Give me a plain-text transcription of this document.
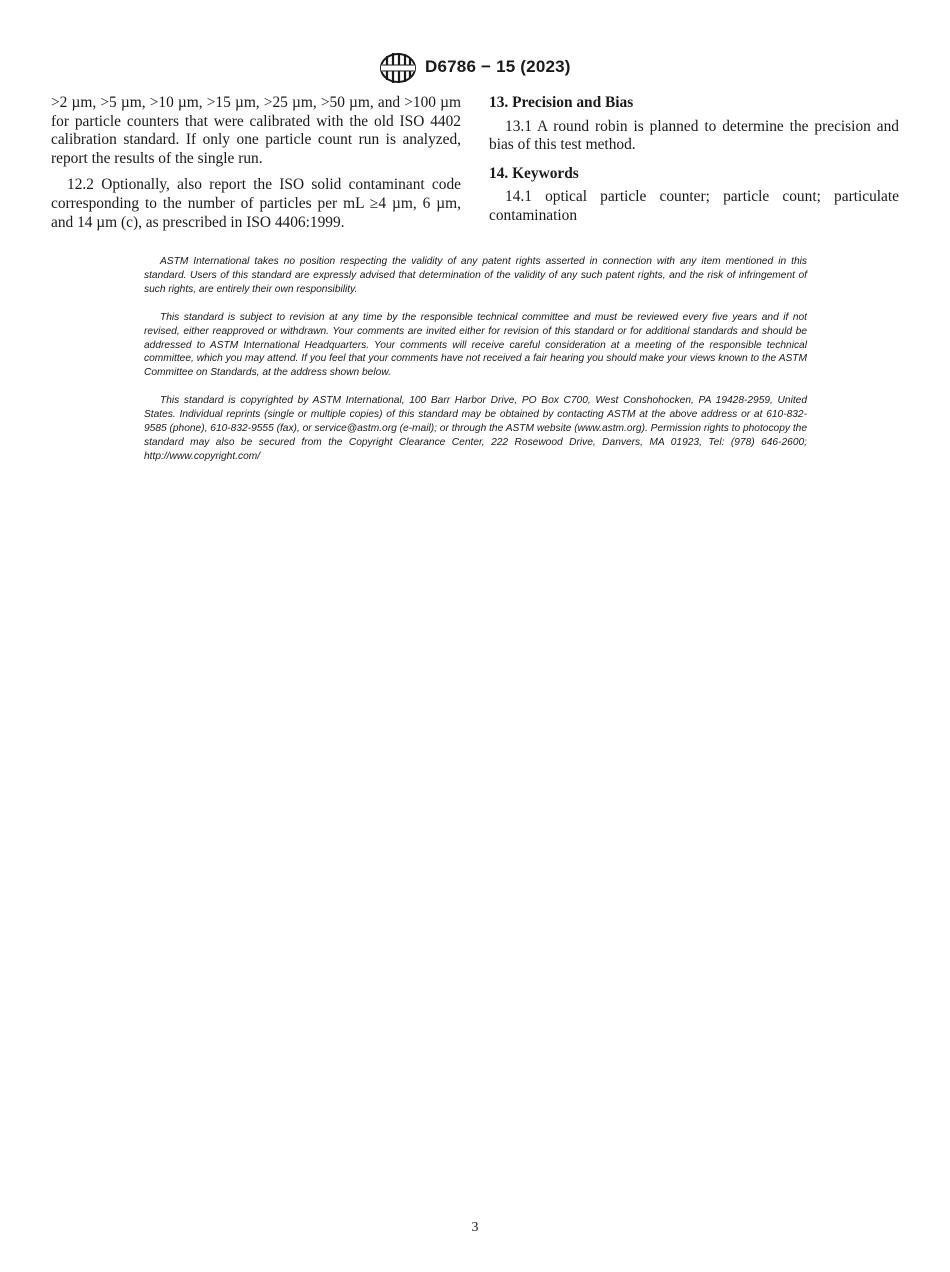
D6786 − 15 (2023)

>2 µm, >5 µm, >10 µm, >15 µm, >25 µm, >50 µm, and >100 µm for particle counters that were calibrated with the old ISO 4402 calibration standard. If only one particle count run is analyzed, report the results of the single run.

12.2 Optionally, also report the ISO solid contaminant code corresponding to the number of particles per mL ≥4 µm, 6 µm, and 14 µm (c), as prescribed in ISO 4406:1999.

13. Precision and Bias

13.1 A round robin is planned to determine the precision and bias of this test method.

14. Keywords

14.1 optical particle counter; particle count; particulate contamination

ASTM International takes no position respecting the validity of any patent rights asserted in connection with any item mentioned in this standard. Users of this standard are expressly advised that determination of the validity of any such patent rights, and the risk of infringement of such rights, are entirely their own responsibility.

This standard is subject to revision at any time by the responsible technical committee and must be reviewed every five years and if not revised, either reapproved or withdrawn. Your comments are invited either for revision of this standard or for additional standards and should be addressed to ASTM International Headquarters. Your comments will receive careful consideration at a meeting of the responsible technical committee, which you may attend. If you feel that your comments have not received a fair hearing you should make your views known to the ASTM Committee on Standards, at the address shown below.

This standard is copyrighted by ASTM International, 100 Barr Harbor Drive, PO Box C700, West Conshohocken, PA 19428-2959, United States. Individual reprints (single or multiple copies) of this standard may be obtained by contacting ASTM at the above address or at 610-832-9585 (phone), 610-832-9555 (fax), or service@astm.org (e-mail); or through the ASTM website (www.astm.org). Permission rights to photocopy the standard may also be secured from the Copyright Clearance Center, 222 Rosewood Drive, Danvers, MA 01923, Tel: (978) 646-2600; http://www.copyright.com/

3
